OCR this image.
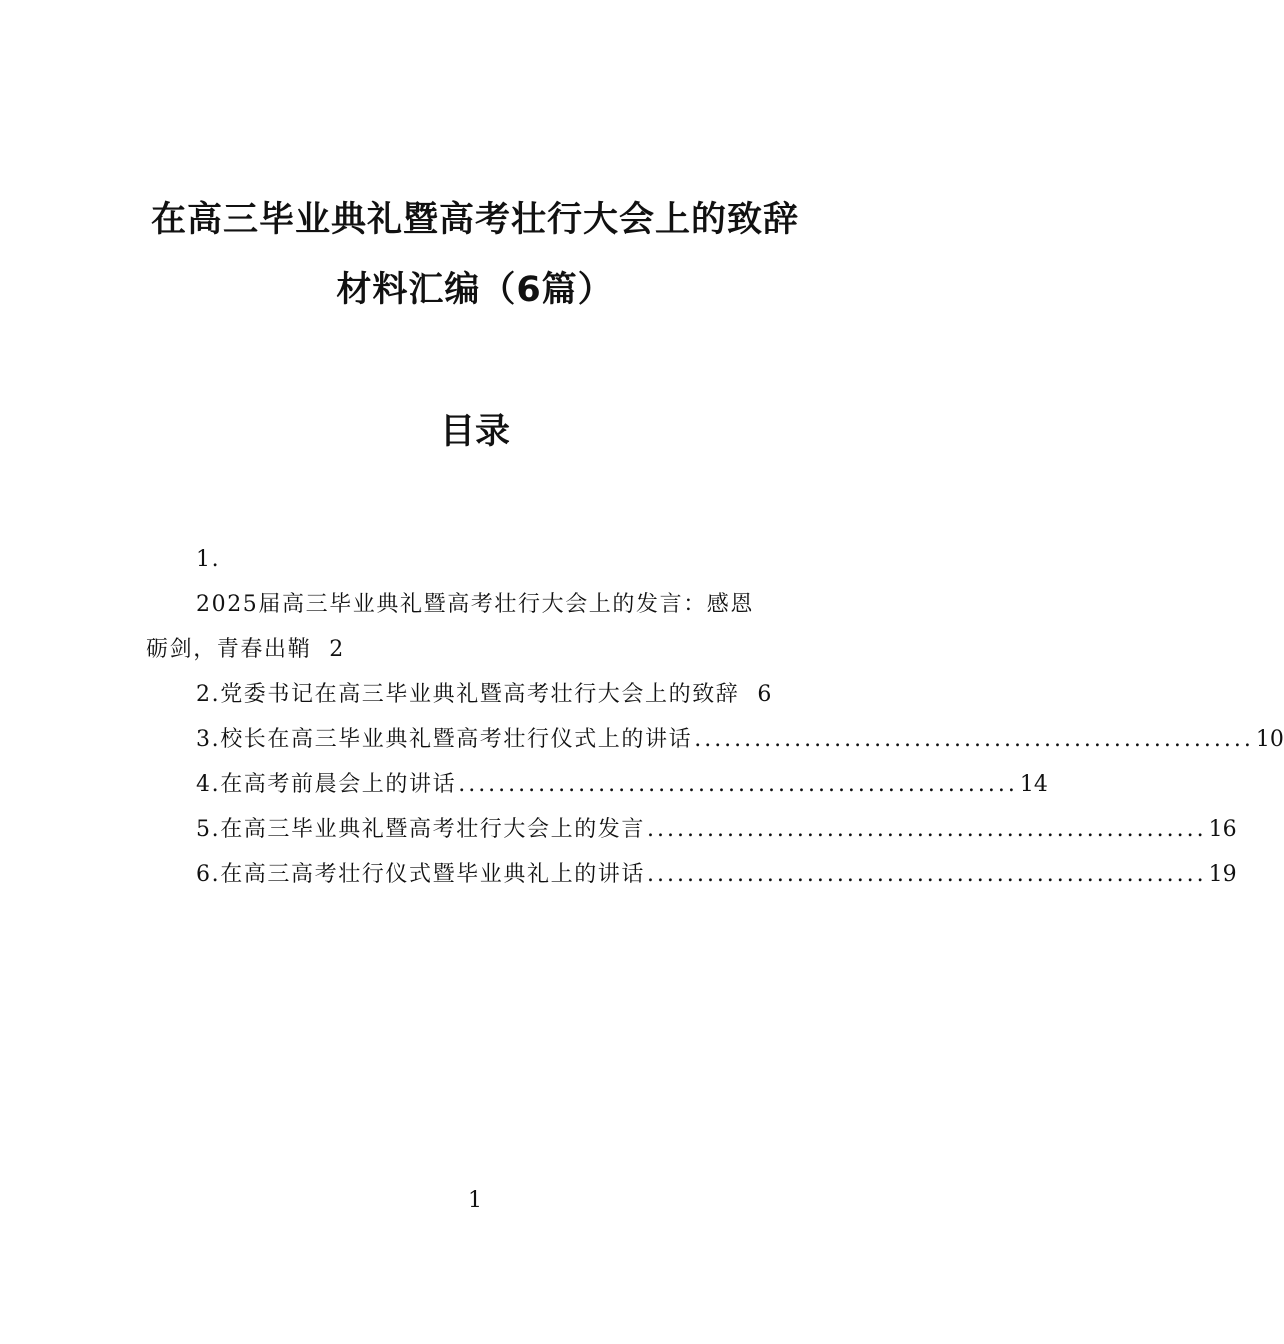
在高三毕业典礼暨高考壮行大会上的致辞
材料汇编（6篇）
目录
1.
2025届高三毕业典礼暨高考壮行大会上的发言：感恩
砺剑，青春出鞘 2
2.党委书记在高三毕业典礼暨高考壮行大会上的致辞 6
3.校长在高三毕业典礼暨高考壮行仪式上的讲话 ........................................................ 10
4.在高考前晨会上的讲话 ........................................................ 14
5.在高三毕业典礼暨高考壮行大会上的发言 ........................................................ 16
6.在高三高考壮行仪式暨毕业典礼上的讲话 ........................................................ 19
1
